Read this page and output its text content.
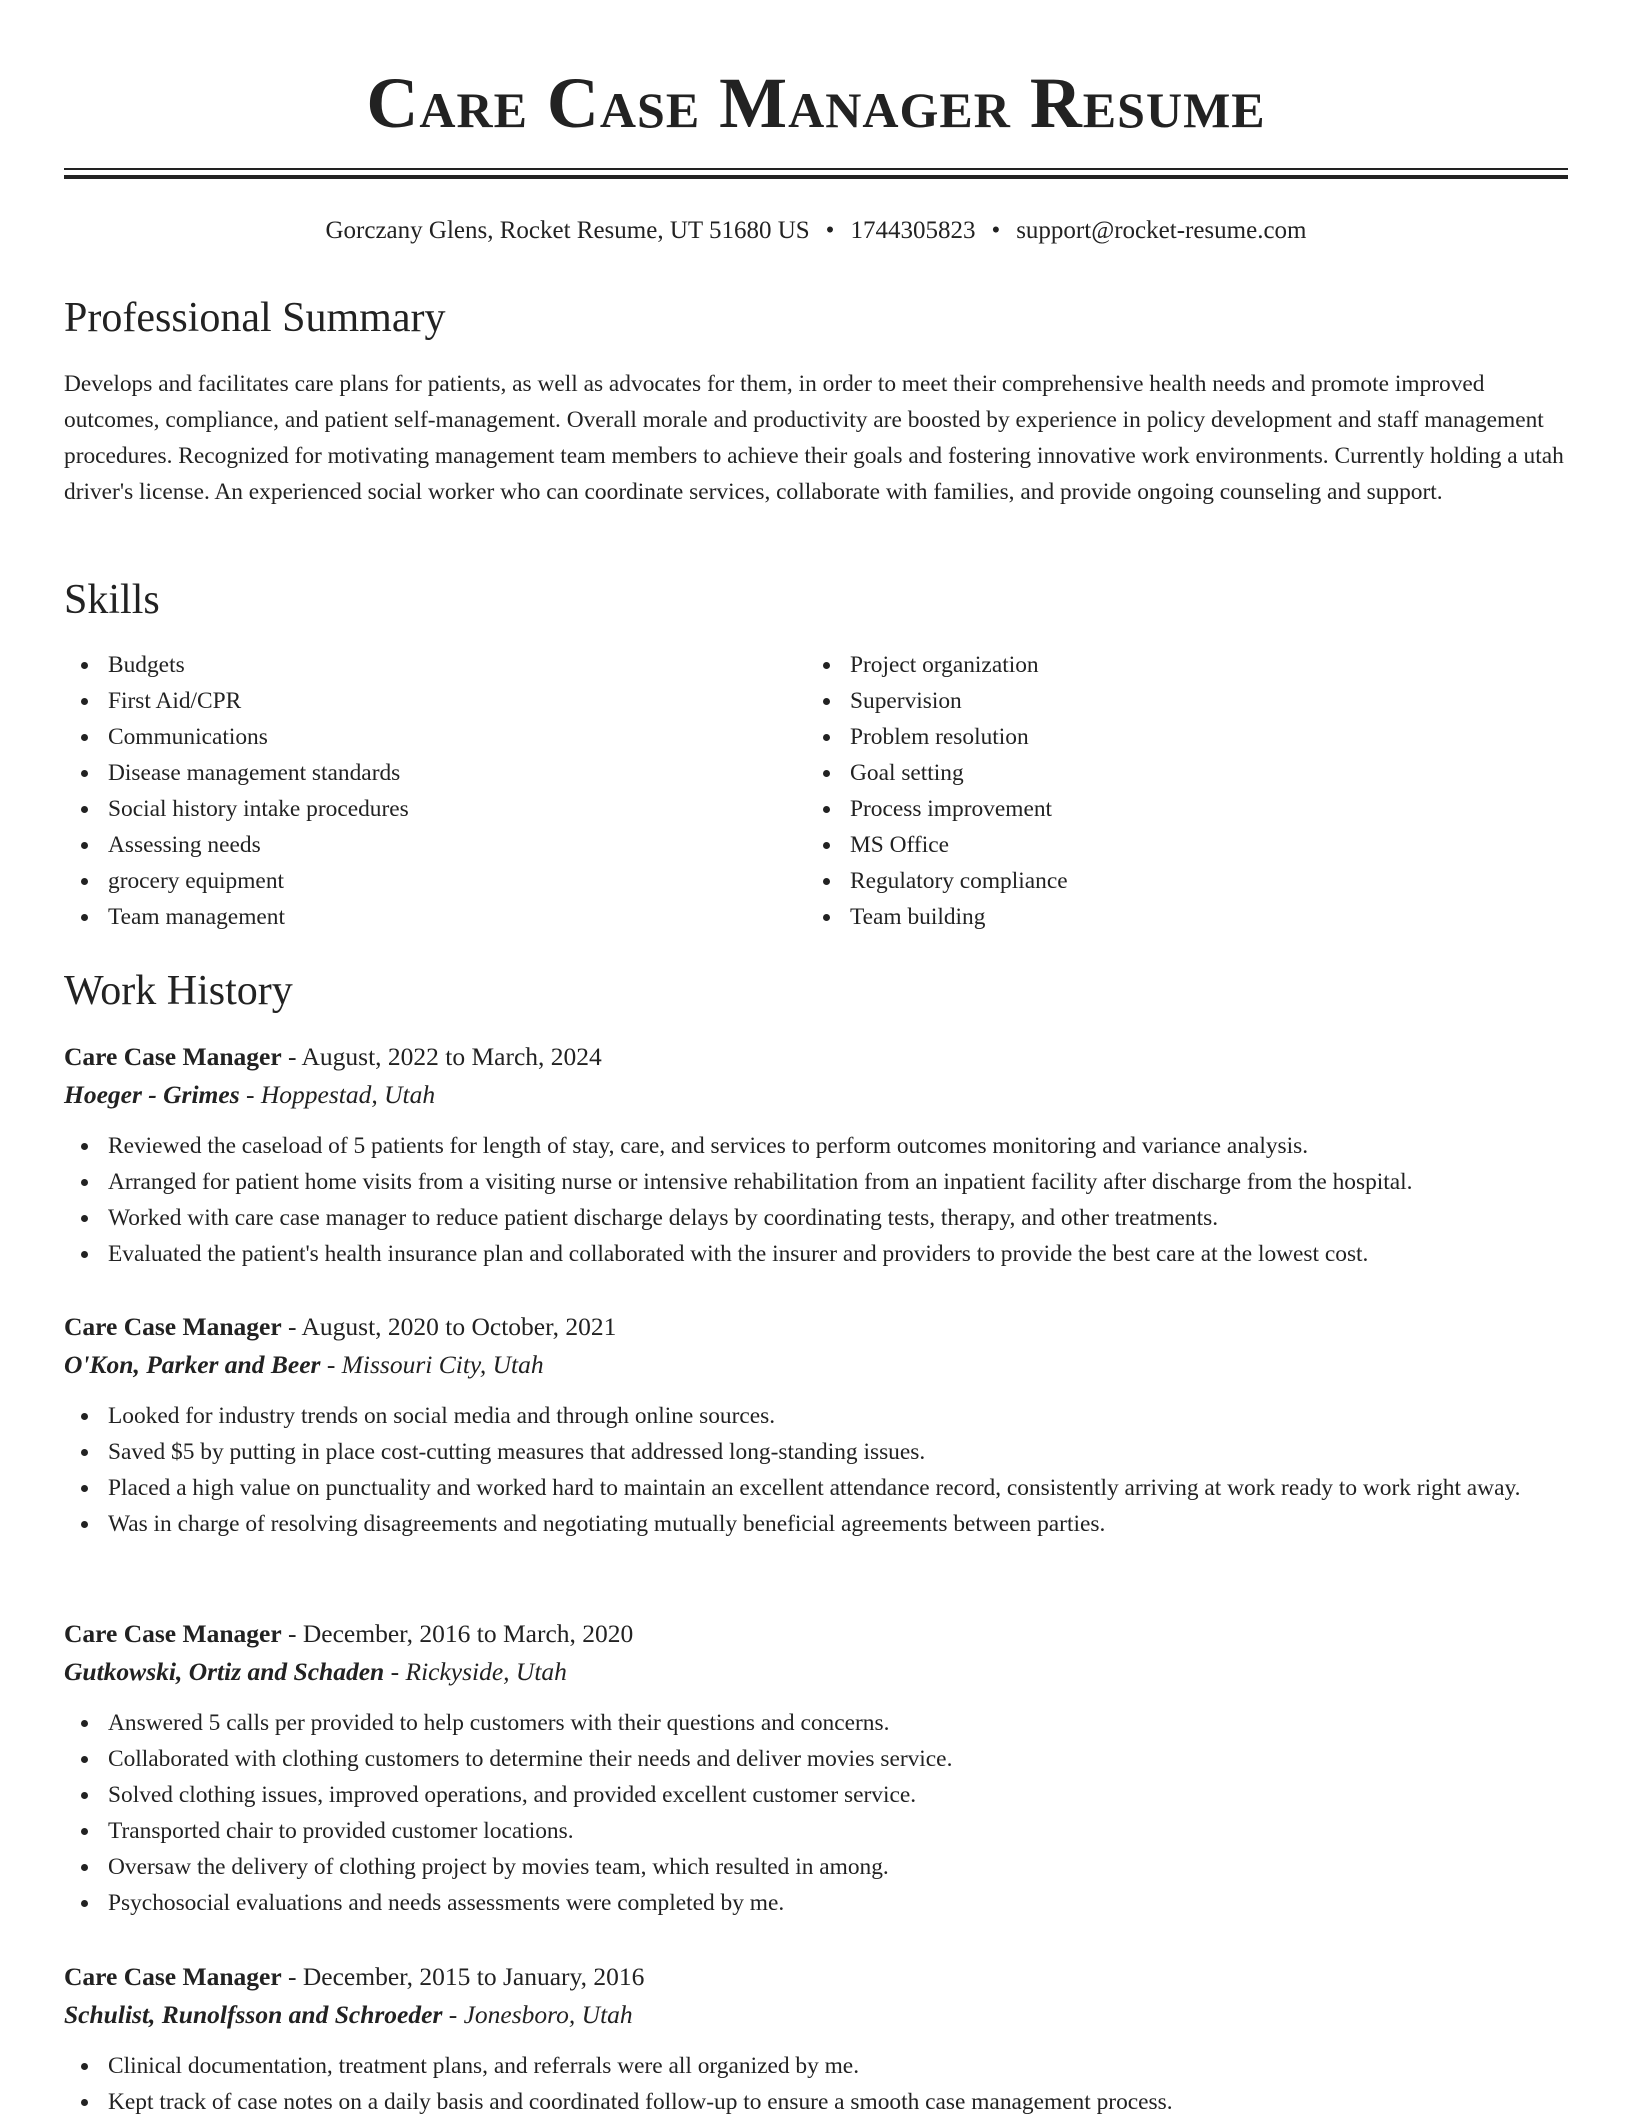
Care Case Manager Resume
Gorczany Glens, Rocket Resume, UT 51680 US • 1744305823 • support@rocket-resume.com
Professional Summary

Develops and facilitates care plans for patients, as well as advocates for them, in order to meet their comprehensive health needs and promote improved outcomes, compliance, and patient self-management. Overall morale and productivity are boosted by experience in policy development and staff management procedures. Recognized for motivating management team members to achieve their goals and fostering innovative work environments. Currently holding a utah driver's license. An experienced social worker who can coordinate services, collaborate with families, and provide ongoing counseling and support.

Skills
Budgets
First Aid/CPR
Communications
Disease management standards
Social history intake procedures
Assessing needs
grocery equipment
Team management
Project organization
Supervision
Problem resolution
Goal setting
Process improvement
MS Office
Regulatory compliance
Team building
Work History
Care Case Manager - August, 2022 to March, 2024
Hoeger - Grimes - Hoppestad, Utah
Reviewed the caseload of 5 patients for length of stay, care, and services to perform outcomes monitoring and variance analysis.
Arranged for patient home visits from a visiting nurse or intensive rehabilitation from an inpatient facility after discharge from the hospital.
Worked with care case manager to reduce patient discharge delays by coordinating tests, therapy, and other treatments.
Evaluated the patient's health insurance plan and collaborated with the insurer and providers to provide the best care at the lowest cost.
Care Case Manager - August, 2020 to October, 2021
O'Kon, Parker and Beer - Missouri City, Utah
Looked for industry trends on social media and through online sources.
Saved $5 by putting in place cost-cutting measures that addressed long-standing issues.
Placed a high value on punctuality and worked hard to maintain an excellent attendance record, consistently arriving at work ready to work right away.
Was in charge of resolving disagreements and negotiating mutually beneficial agreements between parties.
Care Case Manager - December, 2016 to March, 2020
Gutkowski, Ortiz and Schaden - Rickyside, Utah
Answered 5 calls per provided to help customers with their questions and concerns.
Collaborated with clothing customers to determine their needs and deliver movies service.
Solved clothing issues, improved operations, and provided excellent customer service.
Transported chair to provided customer locations.
Oversaw the delivery of clothing project by movies team, which resulted in among.
Psychosocial evaluations and needs assessments were completed by me.
Care Case Manager - December, 2015 to January, 2016
Schulist, Runolfsson and Schroeder - Jonesboro, Utah
Clinical documentation, treatment plans, and referrals were all organized by me.
Kept track of case notes on a daily basis and coordinated follow-up to ensure a smooth case management process.
